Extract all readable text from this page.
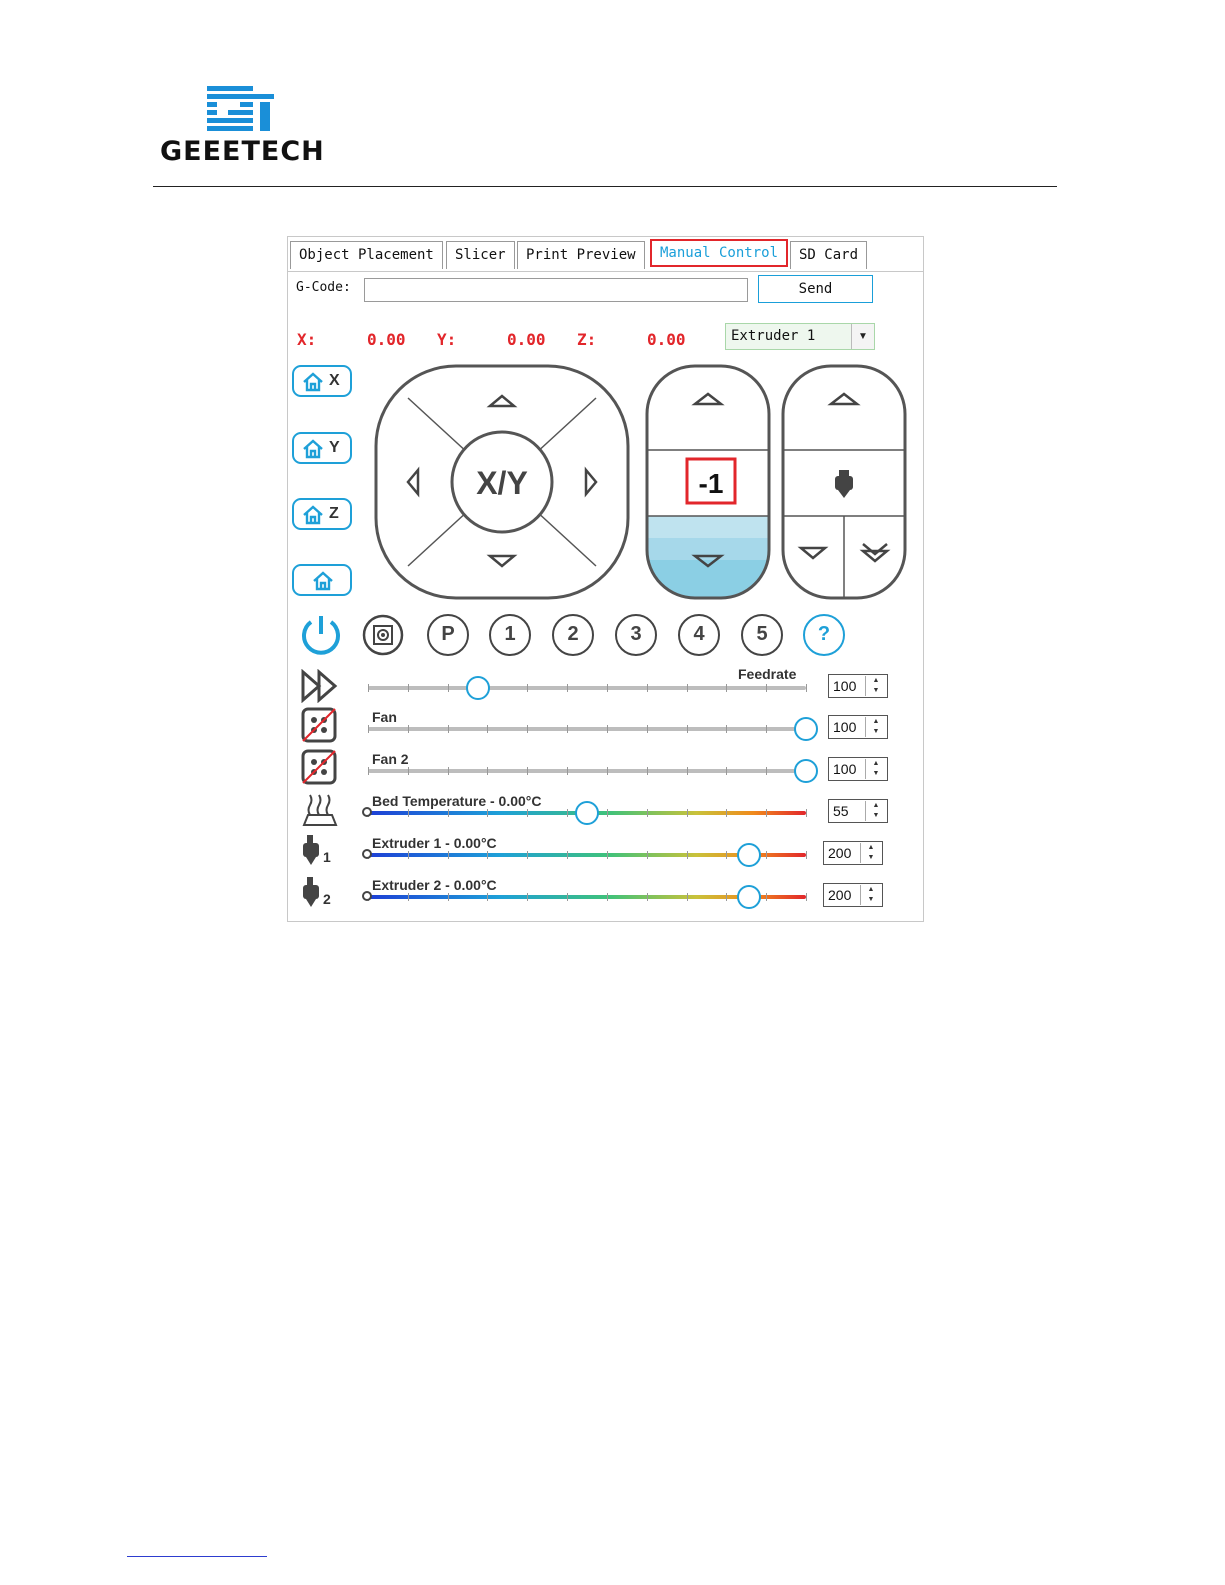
GEEETECH
Object Placement	Slicer	Print Preview	Manual Control	SD Card
G-Code:	Send
X:	0.00 Y:	0.00 Z:	0.00	Extruder 1	▼
X
Y
Z
X/Y	-1
1
2
P	1	2	3	4	5	?
Feedrate
100	▲
▼
Fan
100	▲
▼
Fan 2
100	▲
▼
Bed Temperature - 0.00°C
55	▲
▼
Extruder 1 - 0.00°C
200	▲
▼
Extruder 2 - 0.00°C
200	▲
▼
